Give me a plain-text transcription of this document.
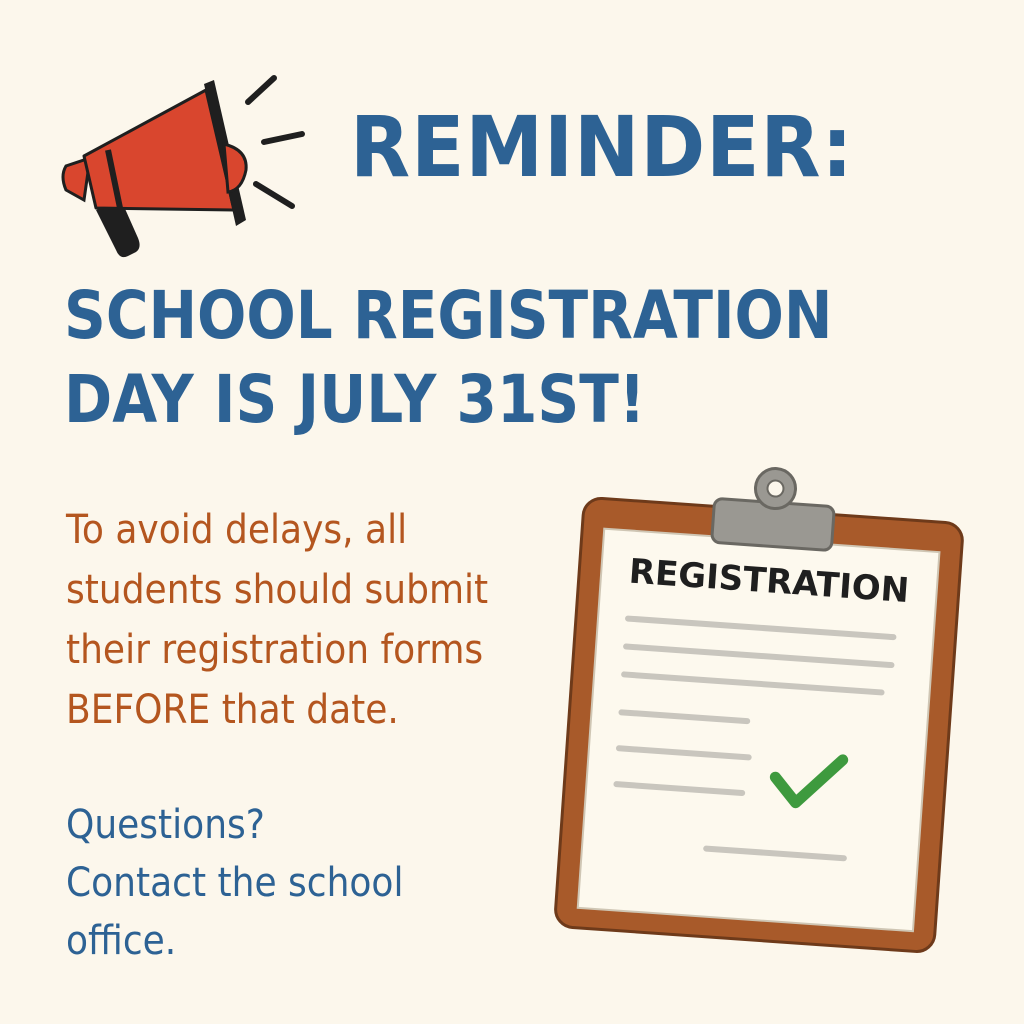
REMINDER:
SCHOOL REGISTRATION
DAY IS JULY 31ST!

To avoid delays, all
students should submit
their registration forms
BEFORE that date.

Questions?
Contact the school
office.

REGISTRATION
